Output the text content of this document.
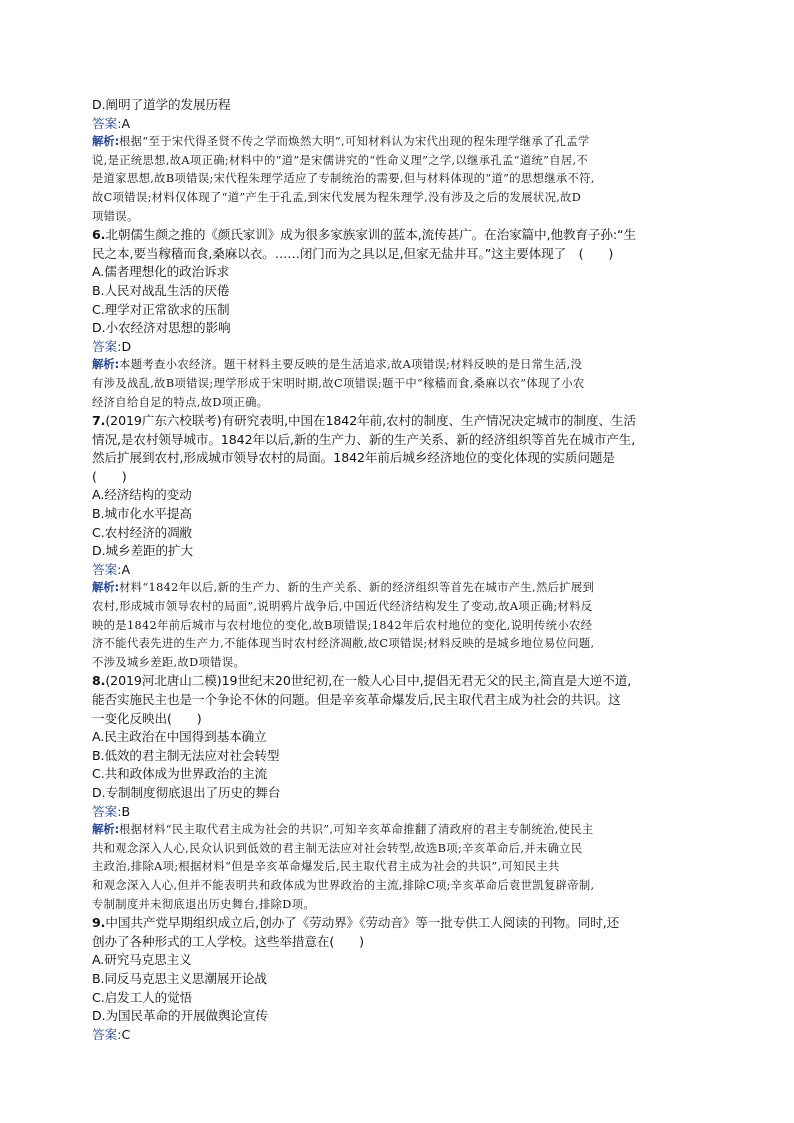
D.阐明了道学的发展历程
答案:A
解析:根据“至于宋代得圣贤不传之学而焕然大明”,可知材料认为宋代出现的程朱理学继承了孔孟学
说,是正统思想,故A项正确;材料中的“道”是宋儒讲究的“性命义理”之学,以继承孔孟“道统”自居,不
是道家思想,故B项错误;宋代程朱理学适应了专制统治的需要,但与材料体现的“道”的思想继承不符,
故C项错误;材料仅体现了“道”产生于孔孟,到宋代发展为程朱理学,没有涉及之后的发展状况,故D
项错误。
6.北朝儒生颜之推的《颜氏家训》成为很多家族家训的蓝本,流传甚广。在治家篇中,他教育子孙:“生
民之本,要当稼穑而食,桑麻以衣。……闭门而为之具以足,但家无盐井耳。”这主要体现了　(　　)
A.儒者理想化的政治诉求
B.人民对战乱生活的厌倦
C.理学对正常欲求的压制
D.小农经济对思想的影响
答案:D
解析:本题考查小农经济。题干材料主要反映的是生活追求,故A项错误;材料反映的是日常生活,没
有涉及战乱,故B项错误;理学形成于宋明时期,故C项错误;题干中“稼穑而食,桑麻以衣”体现了小农
经济自给自足的特点,故D项正确。
7.(2019广东六校联考)有研究表明,中国在1842年前,农村的制度、生产情况决定城市的制度、生活
情况,是农村领导城市。1842年以后,新的生产力、新的生产关系、新的经济组织等首先在城市产生,
然后扩展到农村,形成城市领导农村的局面。1842年前后城乡经济地位的变化体现的实质问题是
(　　)
A.经济结构的变动
B.城市化水平提高
C.农村经济的凋敝
D.城乡差距的扩大
答案:A
解析:材料“1842年以后,新的生产力、新的生产关系、新的经济组织等首先在城市产生,然后扩展到
农村,形成城市领导农村的局面”,说明鸦片战争后,中国近代经济结构发生了变动,故A项正确;材料反
映的是1842年前后城市与农村地位的变化,故B项错误;1842年后农村地位的变化,说明传统小农经
济不能代表先进的生产力,不能体现当时农村经济凋敝,故C项错误;材料反映的是城乡地位易位问题,
不涉及城乡差距,故D项错误。
8.(2019河北唐山二模)19世纪末20世纪初,在一般人心目中,提倡无君无父的民主,简直是大逆不道,
能否实施民主也是一个争论不休的问题。但是辛亥革命爆发后,民主取代君主成为社会的共识。这
一变化反映出(　　)
A.民主政治在中国得到基本确立
B.低效的君主制无法应对社会转型
C.共和政体成为世界政治的主流
D.专制制度彻底退出了历史的舞台
答案:B
解析:根据材料“民主取代君主成为社会的共识”,可知辛亥革命推翻了清政府的君主专制统治,使民主
共和观念深入人心,民众认识到低效的君主制无法应对社会转型,故选B项;辛亥革命后,并未确立民
主政治,排除A项;根据材料“但是辛亥革命爆发后,民主取代君主成为社会的共识”,可知民主共
和观念深入人心,但并不能表明共和政体成为世界政治的主流,排除C项;辛亥革命后袁世凯复辟帝制,
专制制度并未彻底退出历史舞台,排除D项。
9.中国共产党早期组织成立后,创办了《劳动界》《劳动音》等一批专供工人阅读的刊物。同时,还
创办了各种形式的工人学校。这些举措意在(　　)
A.研究马克思主义
B.同反马克思主义思潮展开论战
C.启发工人的觉悟
D.为国民革命的开展做舆论宣传
答案:C
